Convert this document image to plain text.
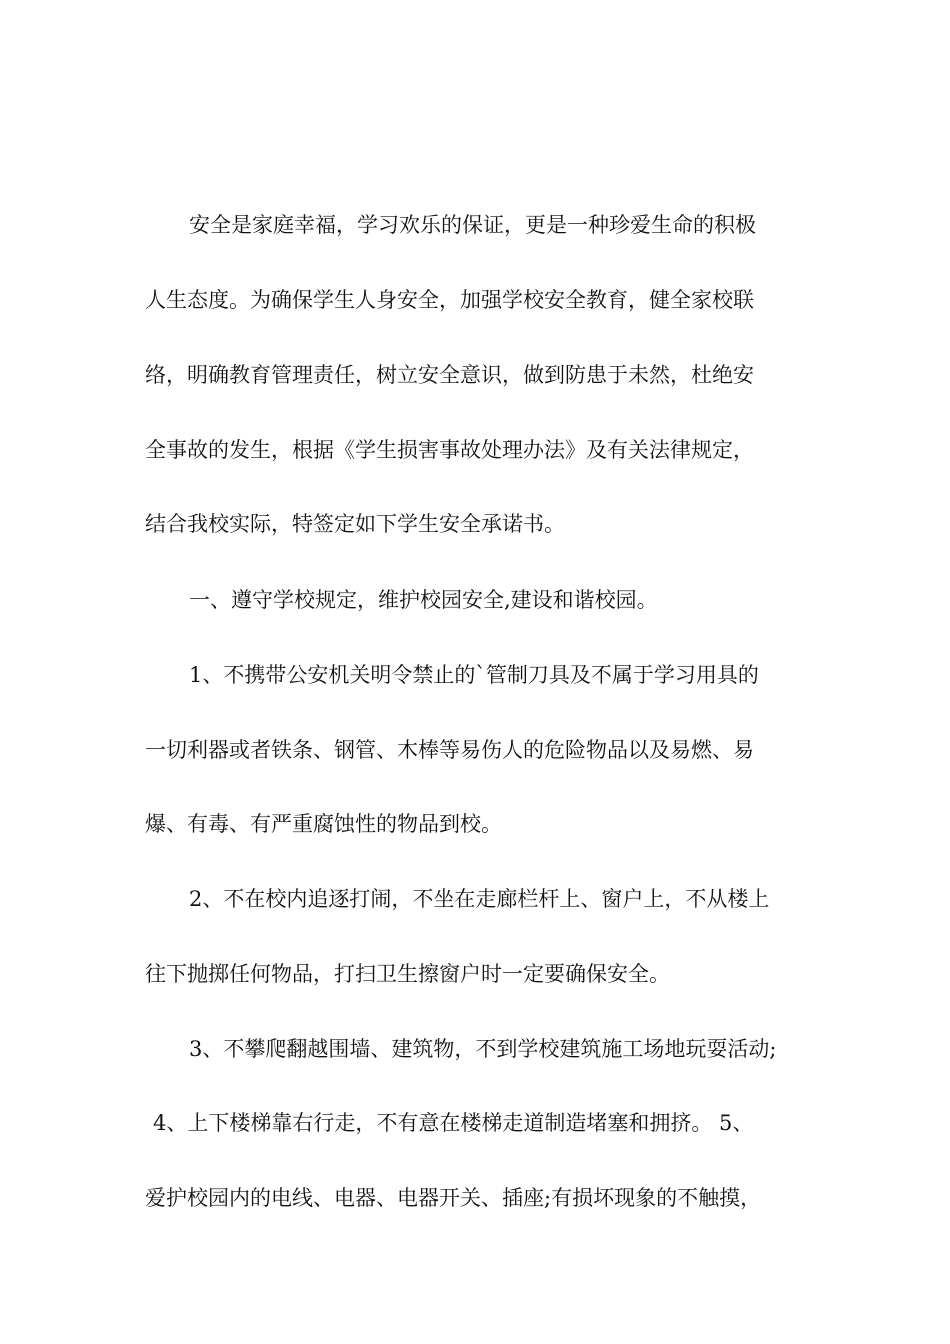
安全是家庭幸福，学习欢乐的保证，更是一种珍爱生命的积极
人生态度。为确保学生人身安全，加强学校安全教育，健全家校联
络，明确教育管理责任，树立安全意识，做到防患于未然，杜绝安
全事故的发生，根据《学生损害事故处理办法》及有关法律规定，
结合我校实际，特签定如下学生安全承诺书。
一、遵守学校规定，维护校园安全,建设和谐校园。
1、不携带公安机关明令禁止的`管制刀具及不属于学习用具的
一切利器或者铁条、钢管、木棒等易伤人的危险物品以及易燃、易
爆、有毒、有严重腐蚀性的物品到校。
2、不在校内追逐打闹，不坐在走廊栏杆上、窗户上，不从楼上
往下抛掷任何物品，打扫卫生擦窗户时一定要确保安全。
3、不攀爬翻越围墙、建筑物，不到学校建筑施工场地玩耍活动;
4、上下楼梯靠右行走，不有意在楼梯走道制造堵塞和拥挤。 5、
爱护校园内的电线、电器、电器开关、插座;有损坏现象的不触摸，
